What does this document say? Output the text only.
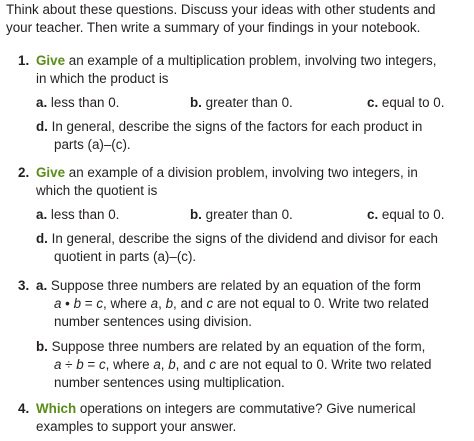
Think about these questions. Discuss your ideas with other students and
your teacher. Then write a summary of your findings in your notebook.
1. Give an example of a multiplication problem, involving two integers,
in which the product is
a. less than 0.	b. greater than 0.	c. equal to 0.
d. In general, describe the signs of the factors for each product in
parts (a)–(c).
2. Give an example of a division problem, involving two integers, in
which the quotient is
a. less than 0.	b. greater than 0.	c. equal to 0.
d. In general, describe the signs of the dividend and divisor for each
quotient in parts (a)–(c).
3. a. Suppose three numbers are related by an equation of the form
a • b = c, where a, b, and c are not equal to 0. Write two related
number sentences using division.
b. Suppose three numbers are related by an equation of the form,
a ÷ b = c, where a, b, and c are not equal to 0. Write two related
number sentences using multiplication.
4. Which operations on integers are commutative? Give numerical
examples to support your answer.
